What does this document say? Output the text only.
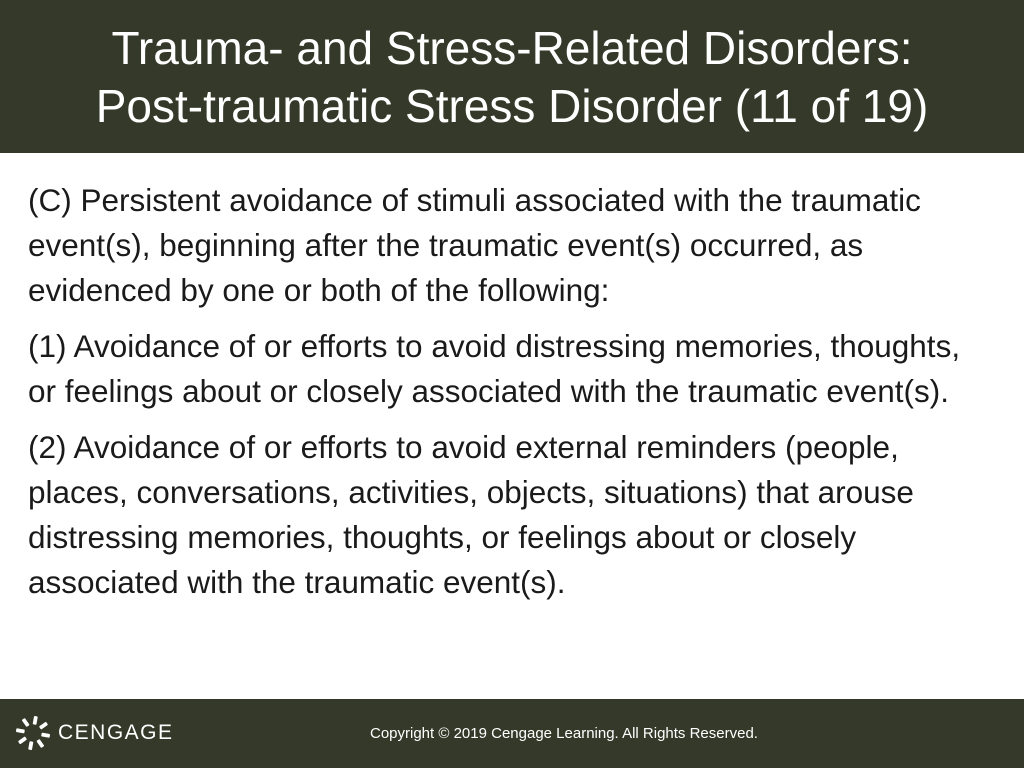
Trauma- and Stress-Related Disorders:
Post-traumatic Stress Disorder (11 of 19)

(C) Persistent avoidance of stimuli associated with the traumatic event(s), beginning after the traumatic event(s) occurred, as evidenced by one or both of the following:

(1) Avoidance of or efforts to avoid distressing memories, thoughts, or feelings about or closely associated with the traumatic event(s).

(2) Avoidance of or efforts to avoid external reminders (people, places, conversations, activities, objects, situations) that arouse distressing memories, thoughts, or feelings about or closely associated with the traumatic event(s).

CENGAGE	Copyright © 2019 Cengage Learning. All Rights Reserved.
